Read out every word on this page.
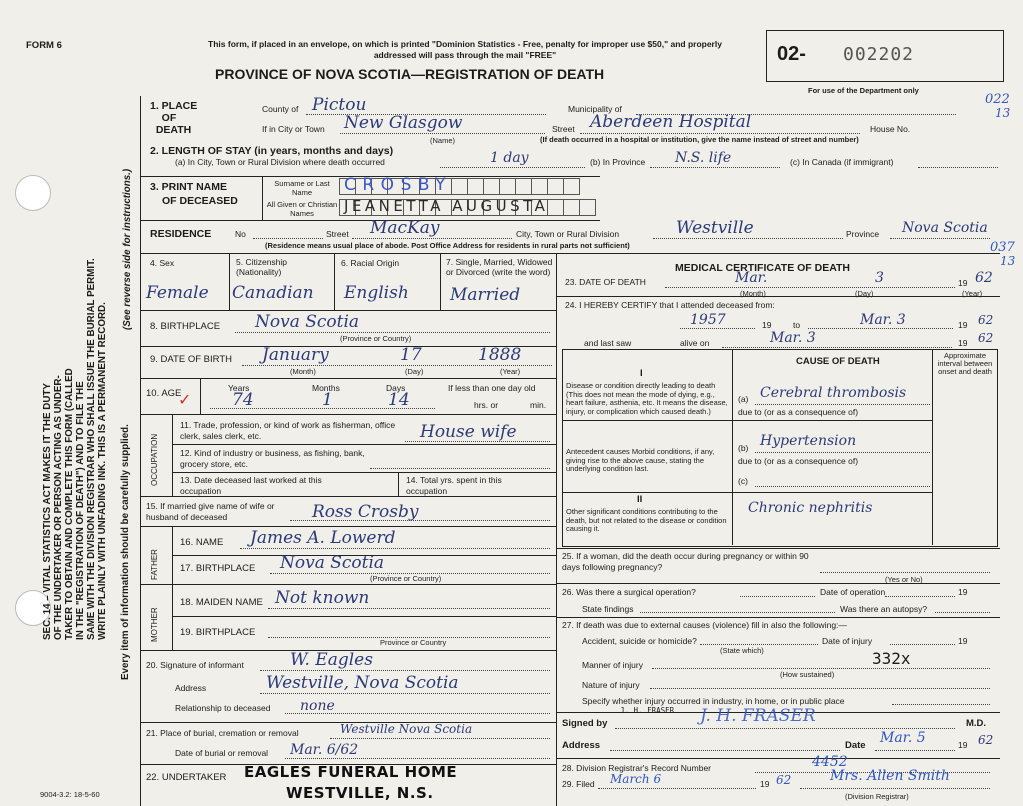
FORM 6	This form, if placed in an envelope, on which is printed "Dominion Statistics - Free, penalty for improper use $50," and properly addressed will pass through the mail "FREE"
PROVINCE OF NOVA SCOTIA—REGISTRATION OF DEATH
02- 002202
For use of the Department only
022
13
037
13
SEC. 14 – VITAL STATISTICS ACT MAKES IT THE DUTY OF THE UNDERTAKER OR PERSON ACTING AS UNDER- TAKER TO OBTAIN AND COMPLETE THIS FORM (CALLED IN THE "REGISTRATION OF DEATH") AND TO FILE THE SAME WITH THE DIVISION REGISTRAR WHO SHALL ISSUE THE BURIAL PERMIT. WRITE PLAINLY WITH UNFADING INK. THIS IS A PERMANENT RECORD.
(See reverse side for instructions.)
Every item of information should be carefully supplied.
1. PLACE
OF
DEATH
County of Pictou	Municipality of
If in City or Town New Glasgow
(Name)
Street Aberdeen Hospital	House No.
(If death occurred in a hospital or institution, give the name instead of street and number)
2. LENGTH OF STAY (in years, months and days)
(a) In City, Town or Rural Division where death occurred	1 day	(b) In Province N.S. life	(c) In Canada (if immigrant)
3. PRINT NAME
OF DECEASED
Surname or Last Name
All Given or Christian Names
CROSBY
JEANETTA AUGUSTA
RESIDENCE	No	Street MacKay	City, Town or Rural Division	Westville	Province Nova Scotia
(Residence means usual place of abode. Post Office Address for residents in rural parts not sufficient)
4. Sex
Female
5. Citizenship (Nationality)
Canadian
6. Racial Origin
English
7. Single, Married, Widowed or Divorced (write the word)
Married
8. BIRTHPLACE Nova Scotia
(Province or Country)
9. DATE OF BIRTH January	17	1888
(Month)	(Day)	(Year)
10. AGE
✓
Years	Months	Days	If less than one day old
74	1	14	hrs. or	min.
OCCUPATION
11. Trade, profession, or kind of work as fisherman, office clerk, sales clerk, etc.	House wife
12. Kind of industry or business, as fishing, bank, grocery store, etc.
13. Date deceased last worked at this occupation
14. Total yrs. spent in this occupation
15. If married give name of wife or husband of deceased	Ross Crosby
FATHER
16. NAME James A. Lowerd
17. BIRTHPLACE Nova Scotia
(Province or Country)
MOTHER
18. MAIDEN NAME Not known
19. BIRTHPLACE
Province or Country
20. Signature of informant	W. Eagles
Address	Westville, Nova Scotia
Relationship to deceased none
21. Place of burial, cremation or removal	Westville Nova Scotia
Date of burial or removal Mar. 6/62
22. UNDERTAKER EAGLES FUNERAL HOME
WESTVILLE, N.S.
MEDICAL CERTIFICATE OF DEATH
23. DATE OF DEATH	Mar.	3	19 62
(Month)	(Day)	(Year)
24. I HEREBY CERTIFY that I attended deceased from:
1957	19	to	Mar. 3	19 62
and last saw	alive on	Mar. 3	19 62
CAUSE OF DEATH
Approximate interval between onset and death
I
Disease or condition directly leading to death (This does not mean the mode of dying, e.g., heart failure, asthenia, etc. It means the disease, injury, or complication which caused death.)
(a) Cerebral thrombosis
due to (or as a consequence of)
Antecedent causes Morbid conditions, if any, giving rise to the above cause, stating the underlying condition last.
(b) Hypertension
due to (or as a consequence of)
(c)
II
Other significant conditions contributing to the death, but not related to the disease or condition causing it.
Chronic nephritis
25. If a woman, did the death occur during pregnancy or within 90 days following pregnancy?
(Yes or No)
26. Was there a surgical operation?	Date of operation	19
State findings	Was there an autopsy?
27. If death was due to external causes (violence) fill in also the following:—
Accident, suicide or homicide?	Date of injury	19
(State which)
Manner of injury	332x
(How sustained)
Nature of injury
Specify whether injury occurred in industry, in home, or in public place
Signed by
J. H. FRASER J. H. FRASER	M.D.
Address	Date Mar. 5	19 62
28. Division Registrar's Record Number	4452
29. Filed March 6	19 62	Mrs. Allen Smith
(Division Registrar)
9004-3.2: 18-5-60
